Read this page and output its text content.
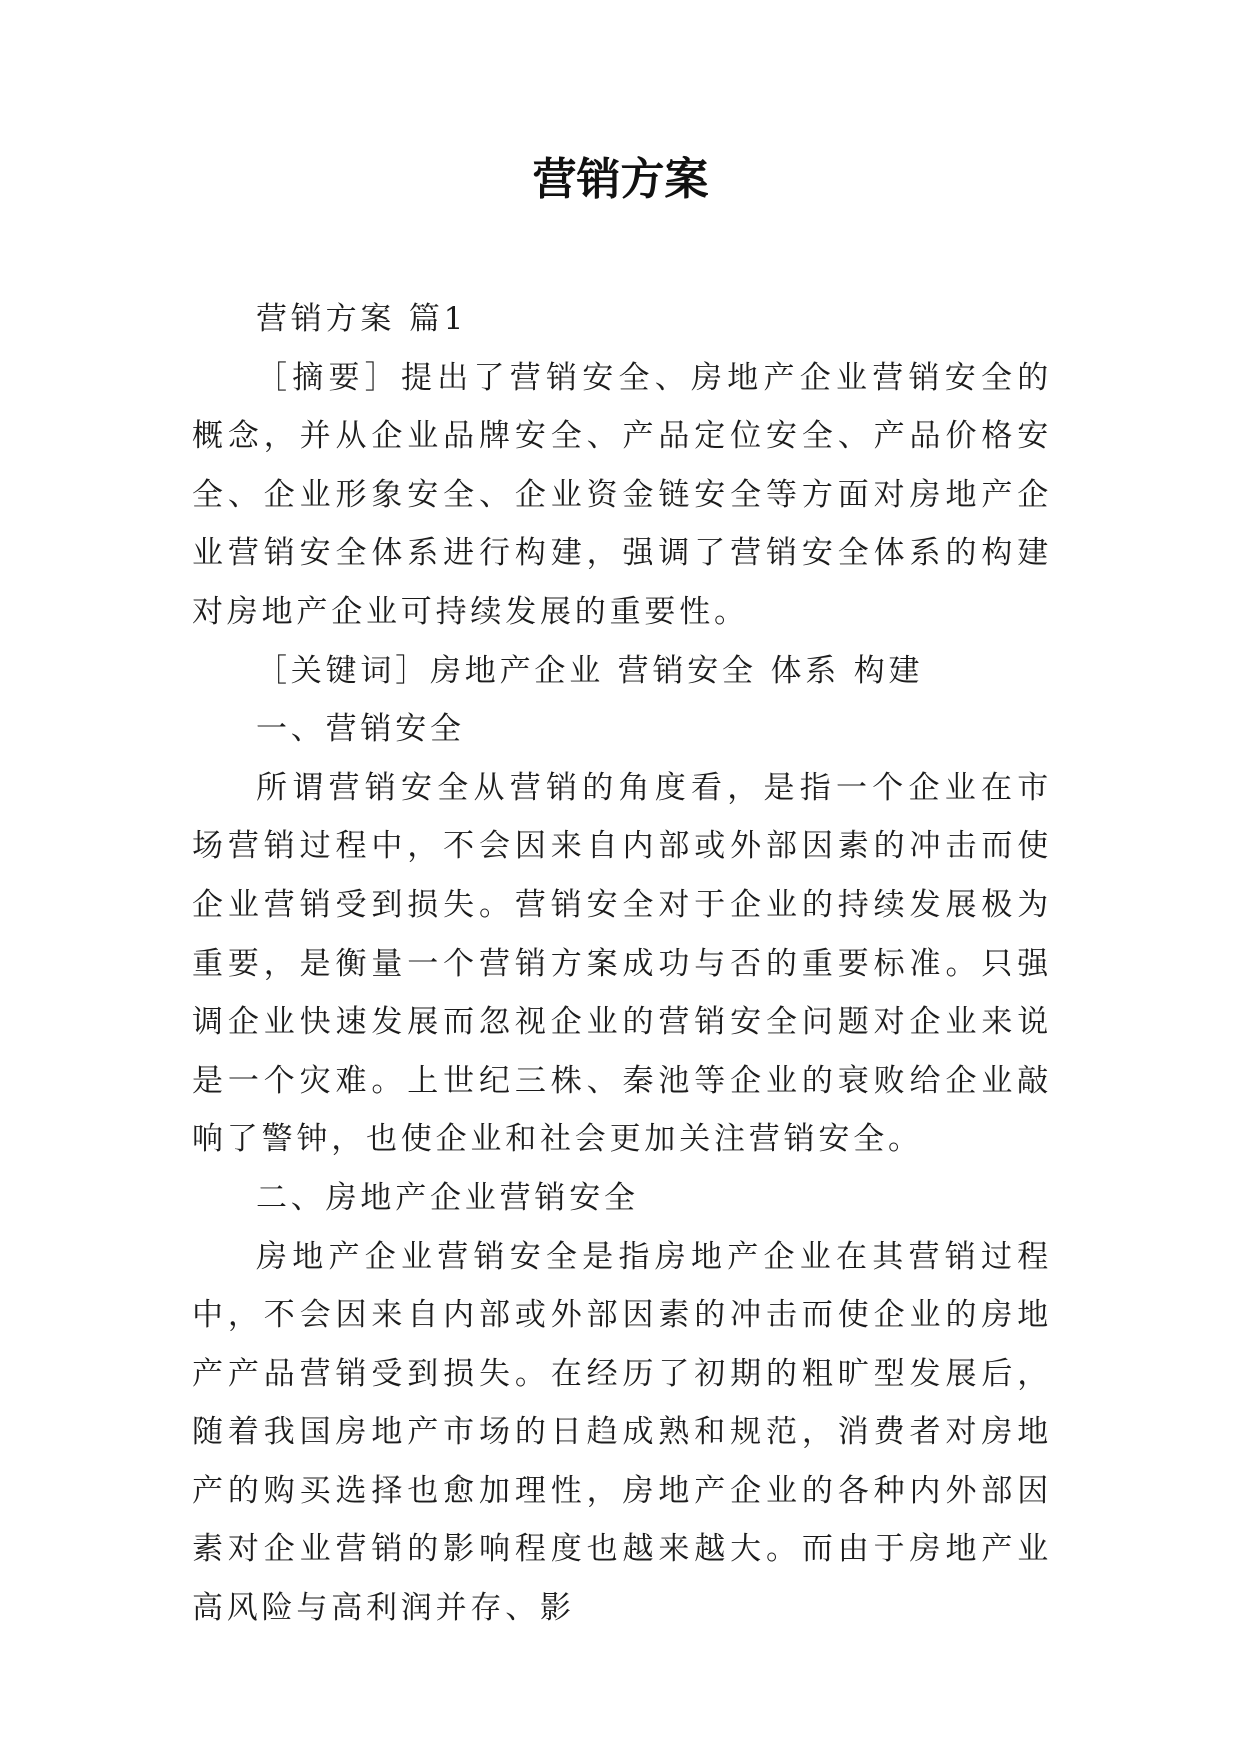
营销方案

营销方案 篇1

［摘要］提出了营销安全、房地产企业营销安全的概念，并从企业品牌安全、产品定位安全、产品价格安全、企业形象安全、企业资金链安全等方面对房地产企业营销安全体系进行构建，强调了营销安全体系的构建对房地产企业可持续发展的重要性。

［关键词］房地产企业 营销安全 体系 构建

一、营销安全

所谓营销安全从营销的角度看，是指一个企业在市场营销过程中，不会因来自内部或外部因素的冲击而使企业营销受到损失。营销安全对于企业的持续发展极为重要，是衡量一个营销方案成功与否的重要标准。只强调企业快速发展而忽视企业的营销安全问题对企业来说是一个灾难。上世纪三株、秦池等企业的衰败给企业敲响了警钟，也使企业和社会更加关注营销安全。

二、房地产企业营销安全

房地产企业营销安全是指房地产企业在其营销过程中，不会因来自内部或外部因素的冲击而使企业的房地产产品营销受到损失。在经历了初期的粗旷型发展后，随着我国房地产市场的日趋成熟和规范，消费者对房地产的购买选择也愈加理性，房地产企业的各种内外部因素对企业营销的影响程度也越来越大。而由于房地产业高风险与高利润并存、影
